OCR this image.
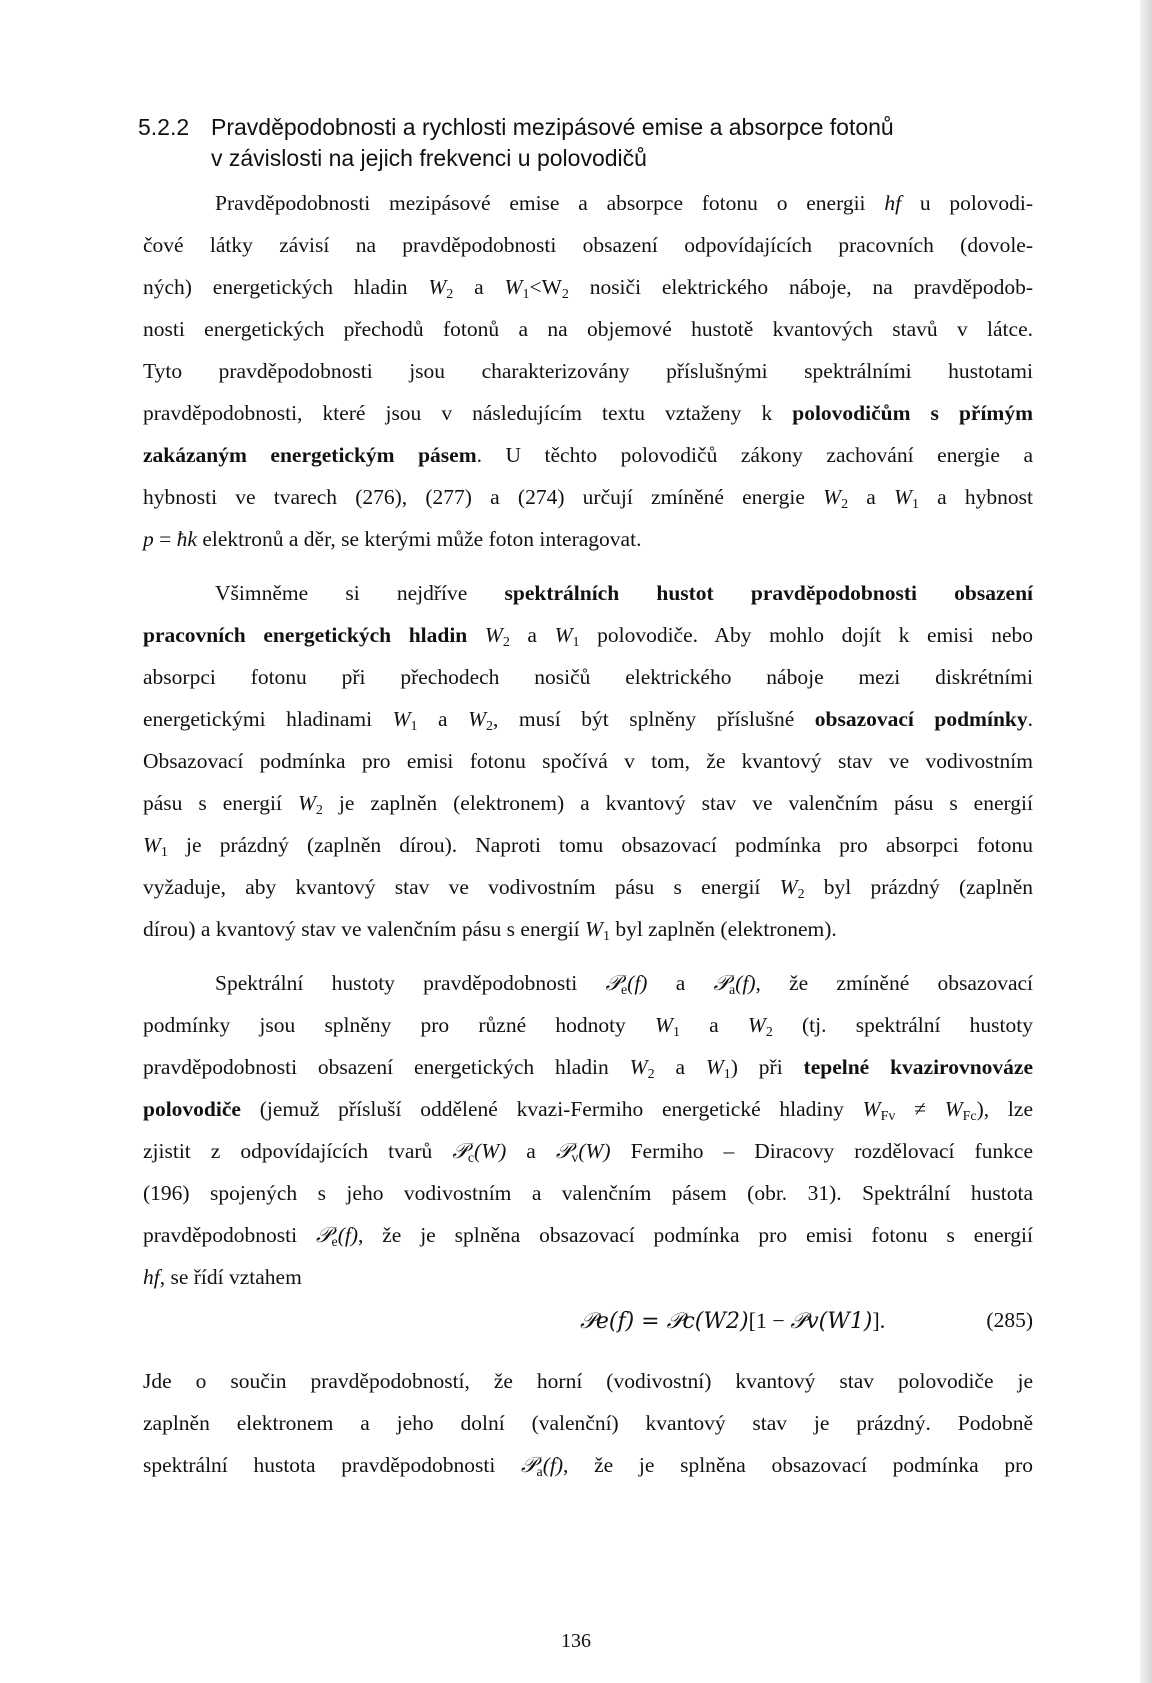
5.2.2 Pravděpodobnosti a rychlosti mezipásové emise a absorpce fotonů
v závislosti na jejich frekvenci u polovodičů
Pravděpodobnosti mezipásové emise a absorpce fotonu o energii hf u polovodi-
čové látky závisí na pravděpodobnosti obsazení odpovídajících pracovních (dovole-
ných) energetických hladin $W_2$ a $W_1<W_2$ nosiči elektrického náboje, na pravděpodob-
nosti energetických přechodů fotonů a na objemové hustotě kvantových stavů v látce.
Tyto pravděpodobnosti jsou charakterizovány příslušnými spektrálními hustotami
pravděpodobnosti, které jsou v následujícím textu vztaženy k polovodičům s přímým
zakázaným energetickým pásem. U těchto polovodičů zákony zachování energie a
hybnosti ve tvarech (276), (277) a (274) určují zmíněné energie $W_2$ a $W_1$ a hybnost
p = ħk elektronů a děr, se kterými může foton interagovat.
Všimněme si nejdříve spektrálních hustot pravděpodobnosti obsazení
pracovních energetických hladin $W_2$ a $W_1$ polovodiče. Aby mohlo dojít k emisi nebo
absorpci fotonu při přechodech nosičů elektrického náboje mezi diskrétními
energetickými hladinami $W_1$ a $W_2$, musí být splněny příslušné obsazovací podmínky.
Obsazovací podmínka pro emisi fotonu spočívá v tom, že kvantový stav ve vodivostním
pásu s energií $W_2$ je zaplněn (elektronem) a kvantový stav ve valenčním pásu s energií
$W_1$ je prázdný (zaplněn dírou). Naproti tomu obsazovací podmínka pro absorpci fotonu
vyžaduje, aby kvantový stav ve vodivostním pásu s energií $W_2$ byl prázdný (zaplněn
dírou) a kvantový stav ve valenčním pásu s energií $W_1$ byl zaplněn (elektronem).
Spektrální hustoty pravděpodobnosti 𝒫$_e$(f) a 𝒫$_a$(f), že zmíněné obsazovací
podmínky jsou splněny pro různé hodnoty $W_1$ a $W_2$ (tj. spektrální hustoty
pravděpodobnosti obsazení energetických hladin $W_2$ a $W_1$) při tepelné kvazirovnováze
polovodiče (jemuž přísluší oddělené kvazi-Fermiho energetické hladiny $W_{Fv} \ne W_{Fc}$), lze
zjistit z odpovídajících tvarů 𝒫$_c$(W) a 𝒫$_v$(W) Fermiho – Diracovy rozdělovací funkce
(196) spojených s jeho vodivostním a valenčním pásem (obr. 31). Spektrální hustota
pravděpodobnosti 𝒫$_e$(f), že je splněna obsazovací podmínka pro emisi fotonu s energií
hf, se řídí vztahem
𝒫e(f) = 𝒫c(W2)[1 − 𝒫v(W1)].	(285)
Jde o součin pravděpodobností, že horní (vodivostní) kvantový stav polovodiče je
zaplněn elektronem a jeho dolní (valenční) kvantový stav je prázdný. Podobně
spektrální hustota pravděpodobnosti 𝒫$_a$(f), že je splněna obsazovací podmínka pro
136
